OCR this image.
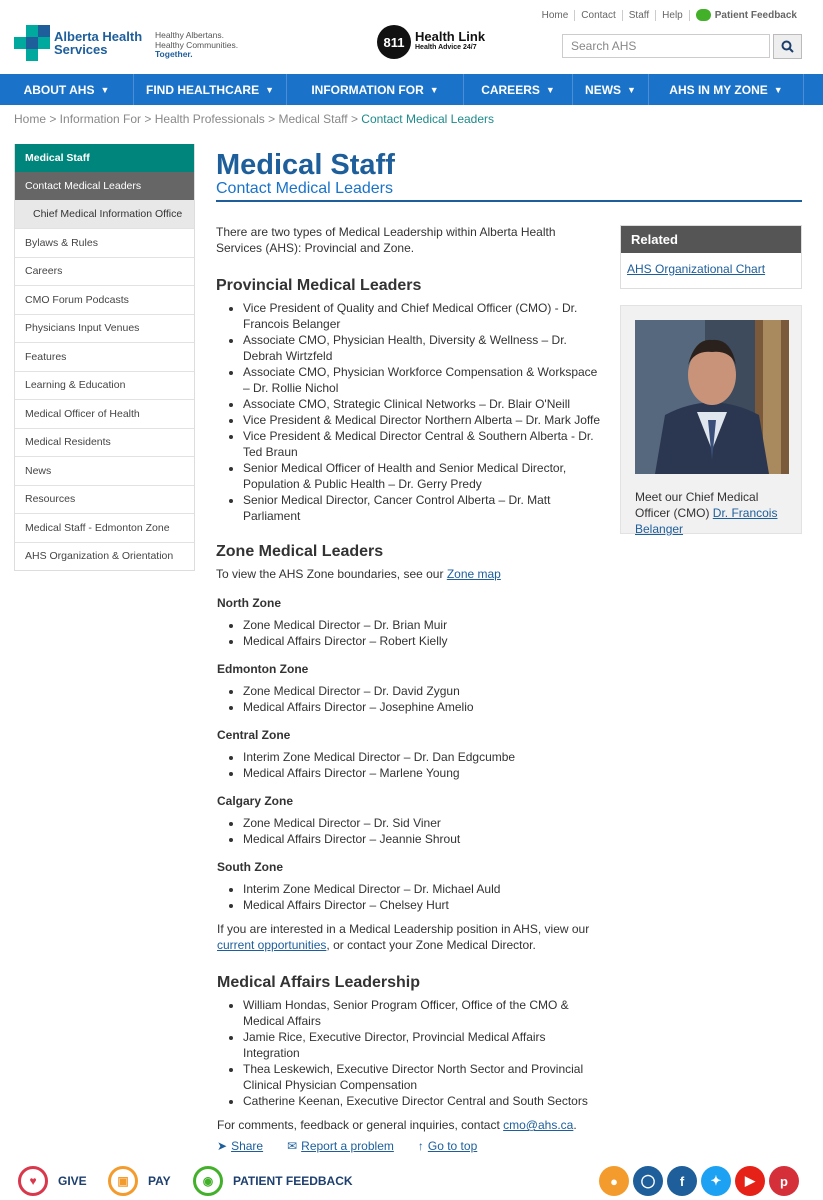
Alberta Health
Services
Healthy Albertans.
Healthy Communities.
Together.
811 Health Link
Health Advice 24/7
Home	Contact	Staff	Help	Patient Feedback
Search AHS
ABOUT AHS ▼	FIND HEALTHCARE ▼	INFORMATION FOR ▼	CAREERS ▼	NEWS ▼	AHS IN MY ZONE ▼
Home > Information For > Health Professionals > Medical Staff > Contact Medical Leaders
Medical Staff
Contact Medical Leaders
Chief Medical Information Office
Bylaws & Rules
Careers
CMO Forum Podcasts
Physicians Input Venues
Features
Learning & Education
Medical Officer of Health
Medical Residents
News
Resources
Medical Staff - Edmonton Zone
AHS Organization & Orientation
Medical Staff
Contact Medical Leaders

There are two types of Medical Leadership within Alberta Health Services (AHS): Provincial and Zone.

Provincial Medical Leaders
• Vice President of Quality and Chief Medical Officer (CMO) - Dr. Francois Belanger
• Associate CMO, Physician Health, Diversity & Wellness – Dr. Debrah Wirtzfeld
• Associate CMO, Physician Workforce Compensation & Workspace – Dr. Rollie Nichol
• Associate CMO, Strategic Clinical Networks – Dr. Blair O'Neill
• Vice President & Medical Director Northern Alberta – Dr. Mark Joffe
• Vice President & Medical Director Central & Southern Alberta - Dr. Ted Braun
• Senior Medical Officer of Health and Senior Medical Director, Population & Public Health – Dr. Gerry Predy
• Senior Medical Director, Cancer Control Alberta – Dr. Matt Parliament
Zone Medical Leaders

To view the AHS Zone boundaries, see our Zone map

North Zone
• Zone Medical Director – Dr. Brian Muir
• Medical Affairs Director – Robert Kielly
Edmonton Zone
• Zone Medical Director – Dr. David Zygun
• Medical Affairs Director – Josephine Amelio
Central Zone
• Interim Zone Medical Director – Dr. Dan Edgcumbe
• Medical Affairs Director – Marlene Young
Calgary Zone
• Zone Medical Director – Dr. Sid Viner
• Medical Affairs Director – Jeannie Shrout
South Zone
• Interim Zone Medical Director – Dr. Michael Auld
• Medical Affairs Director – Chelsey Hurt

If you are interested in a Medical Leadership position in AHS, view our current opportunities, or contact your Zone Medical Director.

Medical Affairs Leadership
• William Hondas, Senior Program Officer, Office of the CMO & Medical Affairs
• Jamie Rice, Executive Director, Provincial Medical Affairs Integration
• Thea Leskewich, Executive Director North Sector and Provincial Clinical Physician Compensation
• Catherine Keenan, Executive Director Central and South Sectors

For comments, feedback or general inquiries, contact cmo@ahs.ca.

Related
AHS Organizational Chart
Meet our Chief Medical Officer (CMO) Dr. Francois Belanger
➤ Share ✉ Report a problem ↑ Go to top
♥	GIVE	▣	PAY	◉	PATIENT FEEDBACK	●	◯	f	✦	▶	p
